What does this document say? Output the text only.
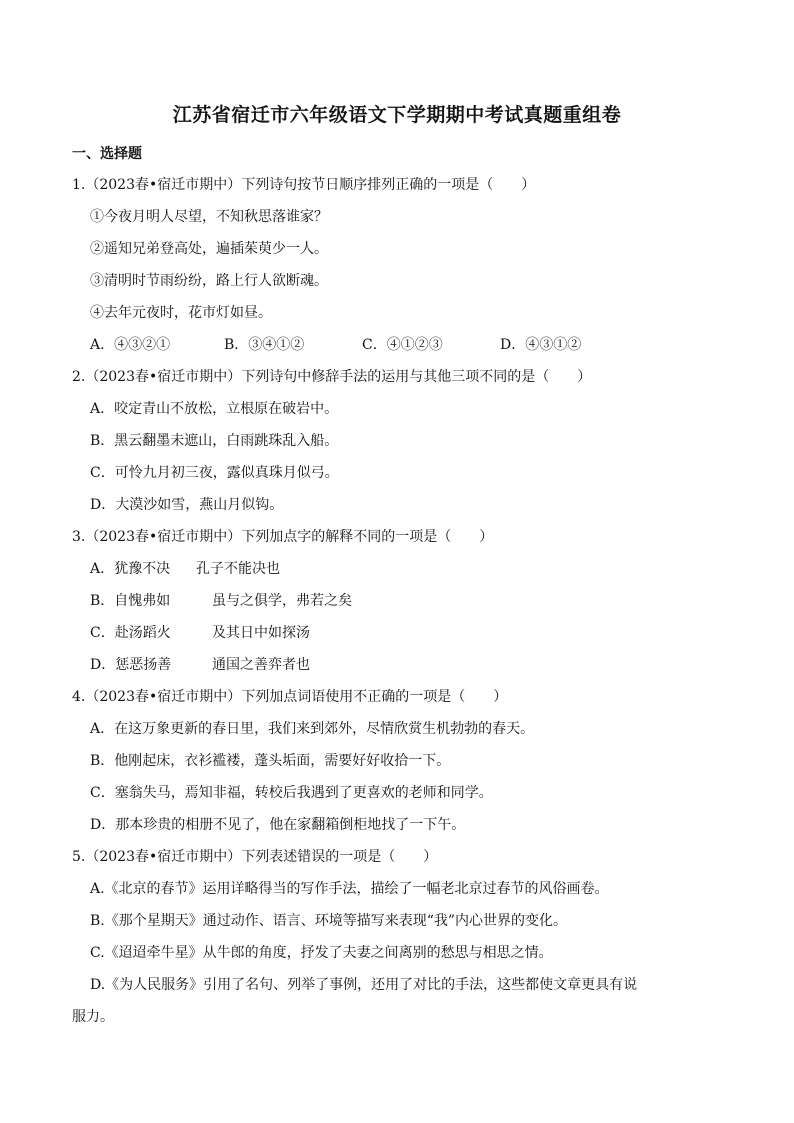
江苏省宿迁市六年级语文下学期期中考试真题重组卷
一、选择题
1.（2023春•宿迁市期中）下列诗句按节日顺序排列正确的一项是（　　）
①今夜月明人尽望，不知秋思落谁家？
②遥知兄弟登高处，遍插茱萸少一人。
③清明时节雨纷纷，路上行人欲断魂。
④去年元夜时，花市灯如昼。
A．④③②①	B．③④①②	C．④①②③	D．④③①②
2.（2023春•宿迁市期中）下列诗句中修辞手法的运用与其他三项不同的是（　　）
A．咬定青山不放松，立根原在破岩中。
B．黑云翻墨未遮山，白雨跳珠乱入船。
C．可怜九月初三夜，露似真珠月似弓。
D．大漠沙如雪，燕山月似钩。
3.（2023春•宿迁市期中）下列加点字的解释不同的一项是（　　）
A．犹豫不决 孔子不能决也
B．自愧弗如	虽与之俱学，弗若之矣
C．赴汤蹈火	及其日中如探汤
D．惩恶扬善	通国之善弈者也
4.（2023春•宿迁市期中）下列加点词语使用不正确的一项是（　　）
A．在这万象更新的春日里，我们来到郊外，尽情欣赏生机勃勃的春天。
B．他刚起床，衣衫褴褛，蓬头垢面，需要好好收拾一下。
C．塞翁失马，焉知非福，转校后我遇到了更喜欢的老师和同学。
D．那本珍贵的相册不见了，他在家翻箱倒柜地找了一下午。
5.（2023春•宿迁市期中）下列表述错误的一项是（　　）
A.《北京的春节》运用详略得当的写作手法，描绘了一幅老北京过春节的风俗画卷。
B.《那个星期天》通过动作、语言、环境等描写来表现“我”内心世界的变化。
C.《迢迢牵牛星》从牛郎的角度，抒发了夫妻之间离别的愁思与相思之情。
D.《为人民服务》引用了名句、列举了事例，还用了对比的手法，这些都使文章更具有说
服力。
